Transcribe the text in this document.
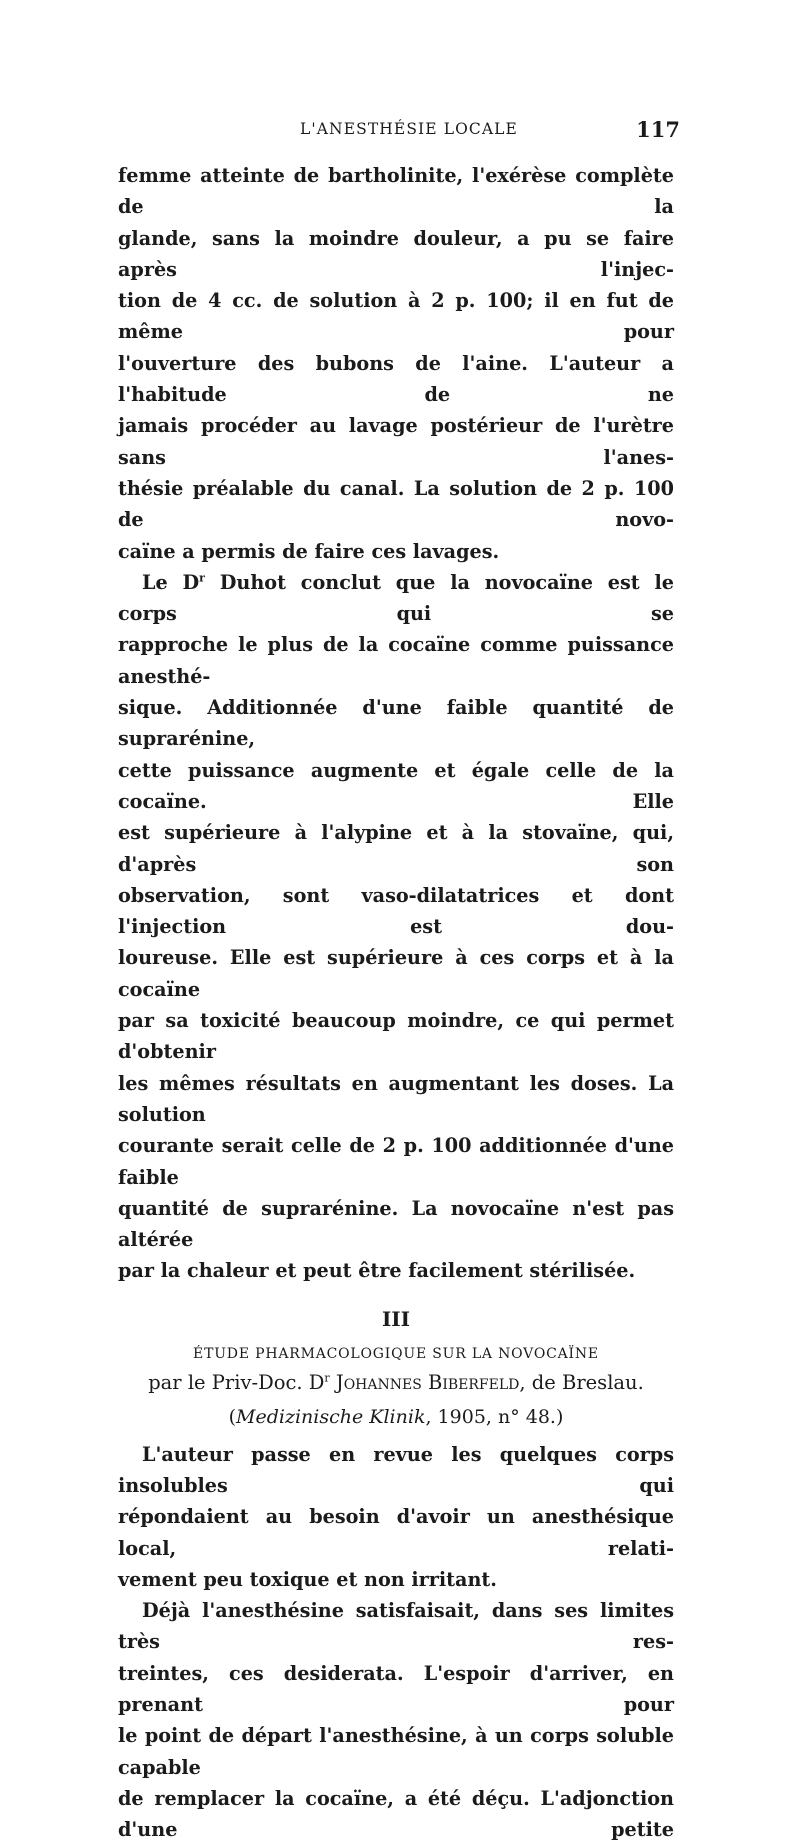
L'ANESTHÉSIE LOCALE	117
femme atteinte de bartholinite, l'exérèse complète de la
glande, sans la moindre douleur, a pu se faire après l'injec-
tion de 4 cc. de solution à 2 p. 100; il en fut de même pour
l'ouverture des bubons de l'aine. L'auteur a l'habitude de ne
jamais procéder au lavage postérieur de l'urètre sans l'anes-
thésie préalable du canal. La solution de 2 p. 100 de novo-
caïne a permis de faire ces lavages.
Le $D^r$ Duhot conclut que la novocaïne est le corps qui se
rapproche le plus de la cocaïne comme puissance anesthé-
sique. Additionnée d'une faible quantité de suprarénine,
cette puissance augmente et égale celle de la cocaïne. Elle
est supérieure à l'alypine et à la stovaïne, qui, d'après son
observation, sont vaso-dilatatrices et dont l'injection est dou-
loureuse. Elle est supérieure à ces corps et à la cocaïne
par sa toxicité beaucoup moindre, ce qui permet d'obtenir
les mêmes résultats en augmentant les doses. La solution
courante serait celle de 2 p. 100 additionnée d'une faible
quantité de suprarénine. La novocaïne n'est pas altérée
par la chaleur et peut être facilement stérilisée.
III
ÉTUDE PHARMACOLOGIQUE SUR LA NOVOCAÏNE
par le Priv-Doc. $D^r$ Johannes Biberfeld, de Breslau.
(Medizinische Klinik, 1905, n° 48.)
L'auteur passe en revue les quelques corps insolubles qui
répondaient au besoin d'avoir un anesthésique local, relati-
vement peu toxique et non irritant.
Déjà l'anesthésine satisfaisait, dans ses limites très res-
treintes, ces desiderata. L'espoir d'arriver, en prenant pour
le point de départ l'anesthésine, à un corps soluble capable
de remplacer la cocaïne, a été déçu. L'adjonction d'une petite
